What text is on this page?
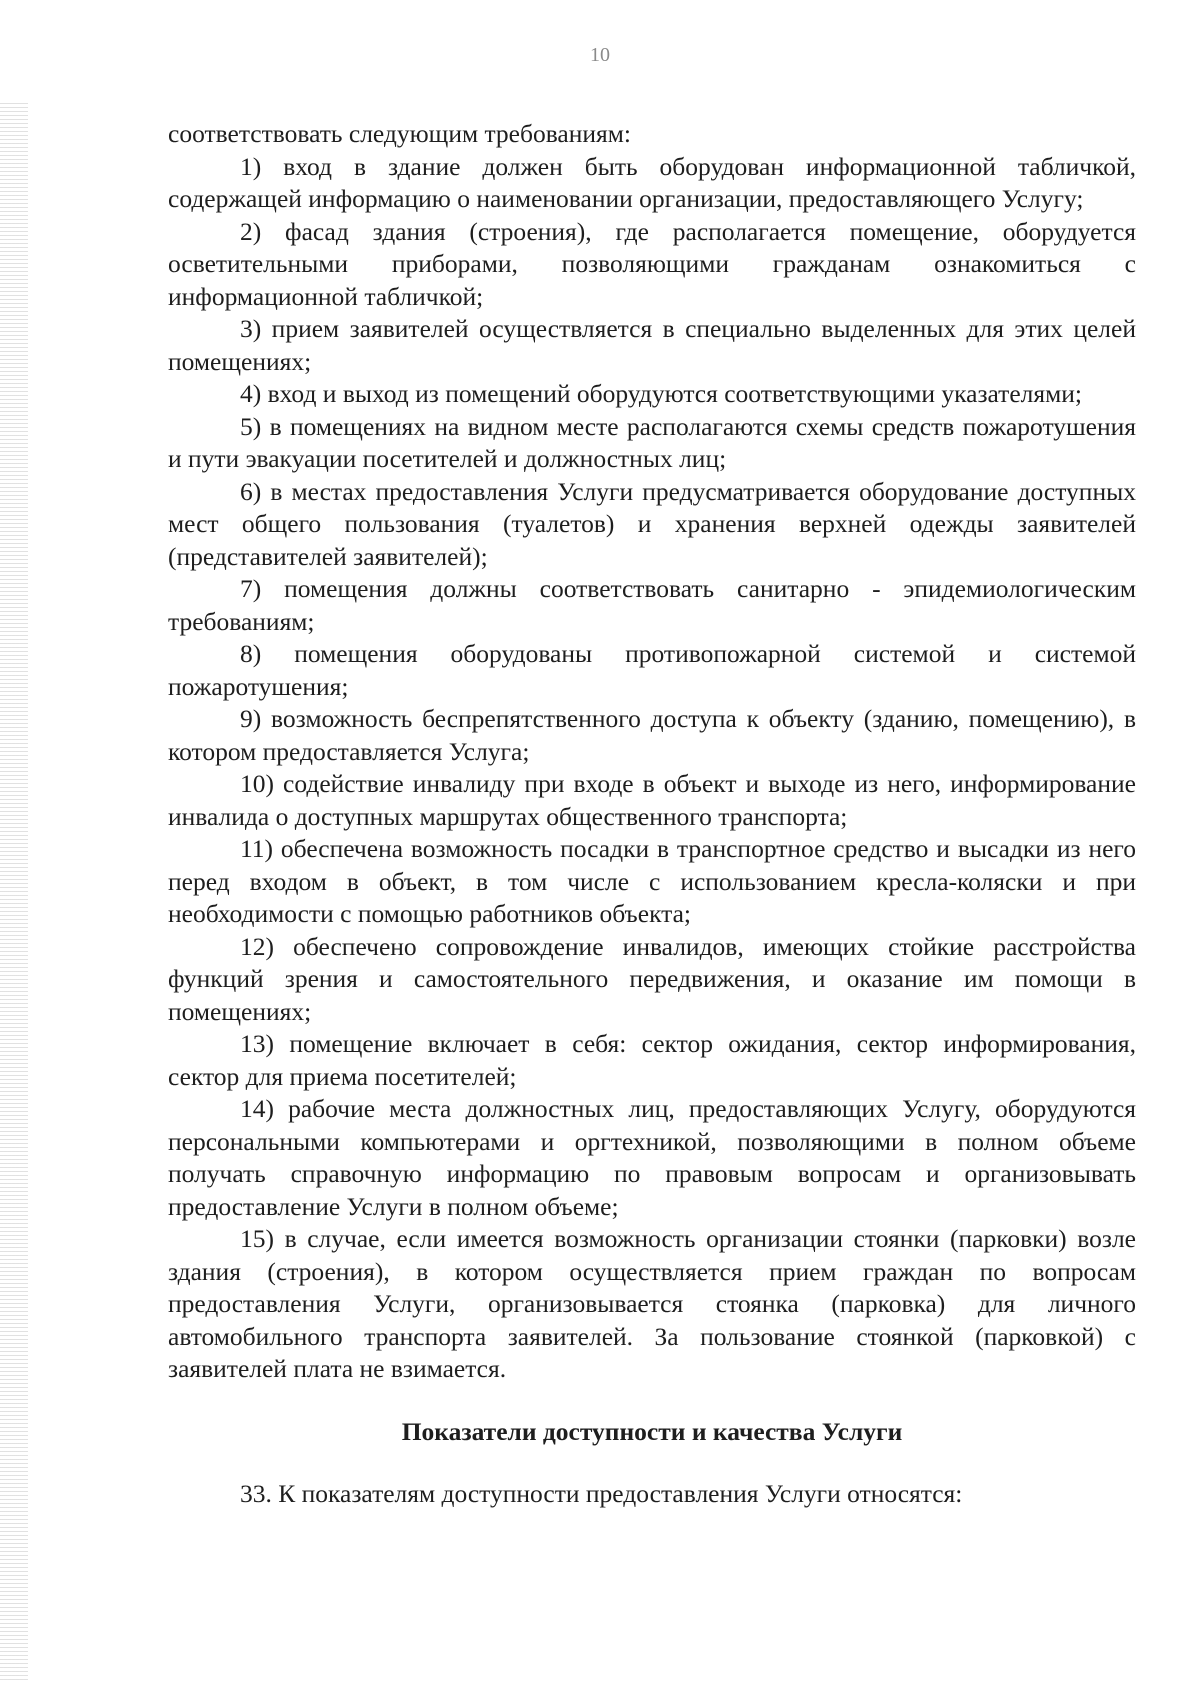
10

соответствовать следующим требованиям:

1) вход в здание должен быть оборудован информационной табличкой, содержащей информацию о наименовании организации, предоставляющего Услугу;

2) фасад здания (строения), где располагается помещение, оборудуется осветительными приборами, позволяющими гражданам ознакомиться с информационной табличкой;

3) прием заявителей осуществляется в специально выделенных для этих целей помещениях;

4) вход и выход из помещений оборудуются соответствующими указателями;

5) в помещениях на видном месте располагаются схемы средств пожаротушения и пути эвакуации посетителей и должностных лиц;

6) в местах предоставления Услуги предусматривается оборудование доступных мест общего пользования (туалетов) и хранения верхней одежды заявителей (представителей заявителей);

7) помещения должны соответствовать санитарно - эпидемиологическим требованиям;

8) помещения оборудованы противопожарной системой и системой пожаротушения;

9) возможность беспрепятственного доступа к объекту (зданию, помещению), в котором предоставляется Услуга;

10) содействие инвалиду при входе в объект и выходе из него, информирование инвалида о доступных маршрутах общественного транспорта;

11) обеспечена возможность посадки в транспортное средство и высадки из него перед входом в объект, в том числе с использованием кресла-коляски и при необходимости с помощью работников объекта;

12) обеспечено сопровождение инвалидов, имеющих стойкие расстройства функций зрения и самостоятельного передвижения, и оказание им помощи в помещениях;

13) помещение включает в себя: сектор ожидания, сектор информирования, сектор для приема посетителей;

14) рабочие места должностных лиц, предоставляющих Услугу, оборудуются персональными компьютерами и оргтехникой, позволяющими в полном объеме получать справочную информацию по правовым вопросам и организовывать предоставление Услуги в полном объеме;

15) в случае, если имеется возможность организации стоянки (парковки) возле здания (строения), в котором осуществляется прием граждан по вопросам предоставления Услуги, организовывается стоянка (парковка) для личного автомобильного транспорта заявителей. За пользование стоянкой (парковкой) с заявителей плата не взимается.

Показатели доступности и качества Услуги

33. К показателям доступности предоставления Услуги относятся:
